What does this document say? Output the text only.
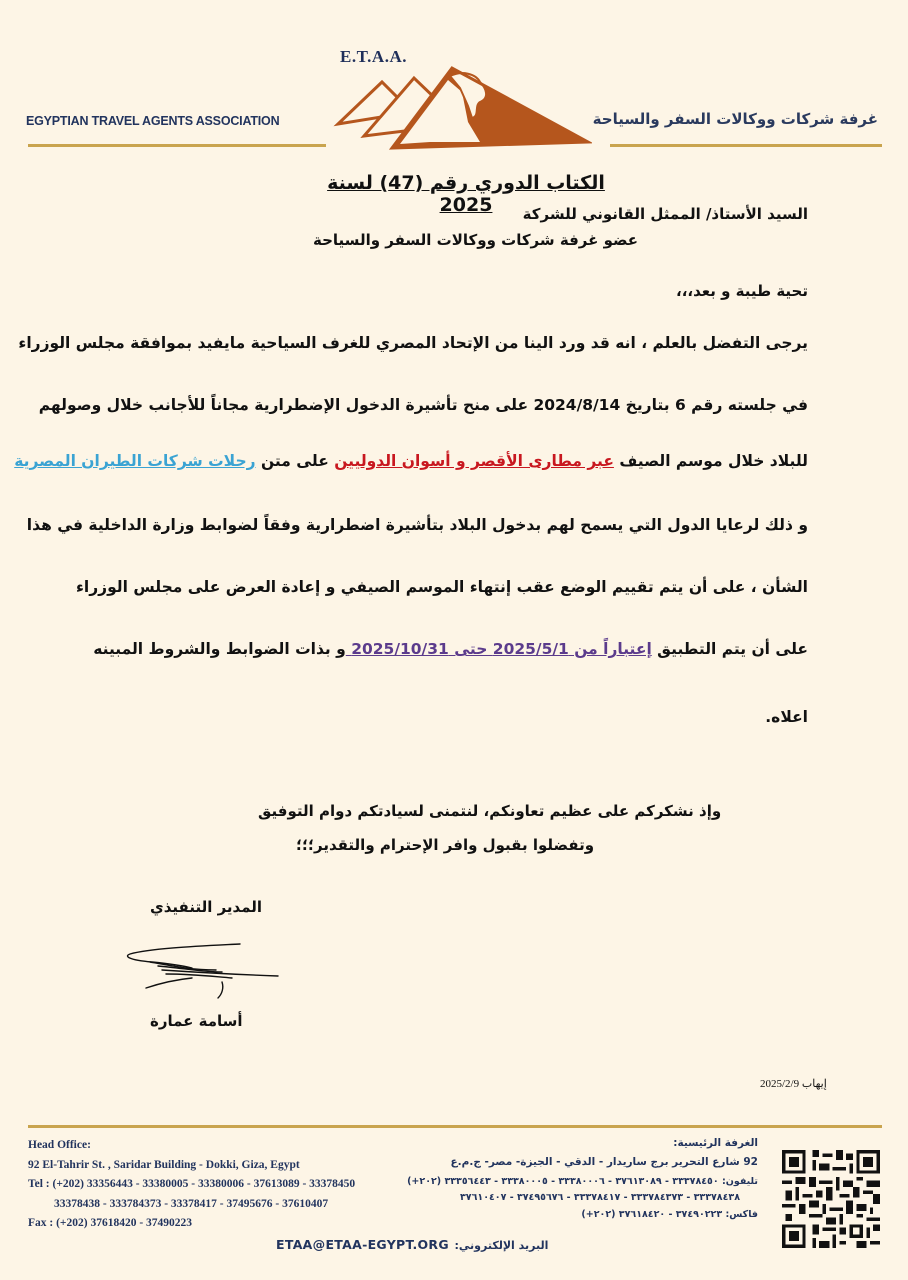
E.T.A.A.
EGYPTIAN TRAVEL AGENTS ASSOCIATION	غرفة شركات ووكالات السفر والسياحة
الكتاب الدوري رقم (47) لسنة 2025	السيد الأستاذ/ الممثل القانوني للشركة
عضو غرفة شركات ووكالات السفر والسياحة
تحية طيبة و بعد،،،
يرجى التفضل بالعلم ، انه قد ورد الينا من الإتحاد المصري للغرف السياحية مايفيد بموافقة مجلس الوزراء
في جلسته رقم 6 بتاريخ 2024/8/14 على منح تأشيرة الدخول الإضطرارية مجاناً للأجانب خلال وصولهم
للبلاد خلال موسم الصيف عبر مطارى الأقصر و أسوان الدوليين على متن رحلات شركات الطيران المصرية
و ذلك لرعايا الدول التي يسمح لهم بدخول البلاد بتأشيرة اضطرارية وفقاً لضوابط وزارة الداخلية في هذا
الشأن ، على أن يتم تقييم الوضع عقب إنتهاء الموسم الصيفي و إعادة العرض على مجلس الوزراء
على أن يتم التطبيق إعتباراً من 2025/5/1 حتى 2025/10/31 و بذات الضوابط والشروط المبينه
اعلاه.
وإذ نشكركم على عظيم تعاونكم، لنتمنى لسيادتكم دوام التوفيق
وتفضلوا بقبول وافر الإحترام والتقدير؛؛؛
المدير التنفيذي
أسامة عمارة
إيهاب 2025/2/9
Head Office:
92 El-Tahrir St. , Saridar Building - Dokki, Giza, Egypt
Tel : (+202) 33356443 - 33380005 - 33380006 - 37613089 - 33378450
33378438 - 333784373 - 33378417 - 37495676 - 37610407
Fax : (+202) 37618420 - 37490223
الغرفة الرئيسية:
92 شارع التحرير برج ساريدار - الدقي - الجيزة- مصر- ج.م.ع
تليفون: ٣٣٣٧٨٤٥٠ - ٣٧٦١٣٠٨٩ - ٣٣٣٨٠٠٠٦ - ٣٣٣٨٠٠٠٥ - ٣٣٣٥٦٤٤٣ (٢٠٢+)
٣٣٣٧٨٤٣٨ - ٣٣٣٧٨٤٣٧٣ - ٣٣٣٧٨٤١٧ - ٣٧٤٩٥٦٧٦ - ٣٧٦١٠٤٠٧
فاكس: ٣٧٤٩٠٢٢٣ - ٣٧٦١٨٤٢٠ (٢٠٢+)
البريد الإلكتروني: ETAA@ETAA-EGYPT.ORG
